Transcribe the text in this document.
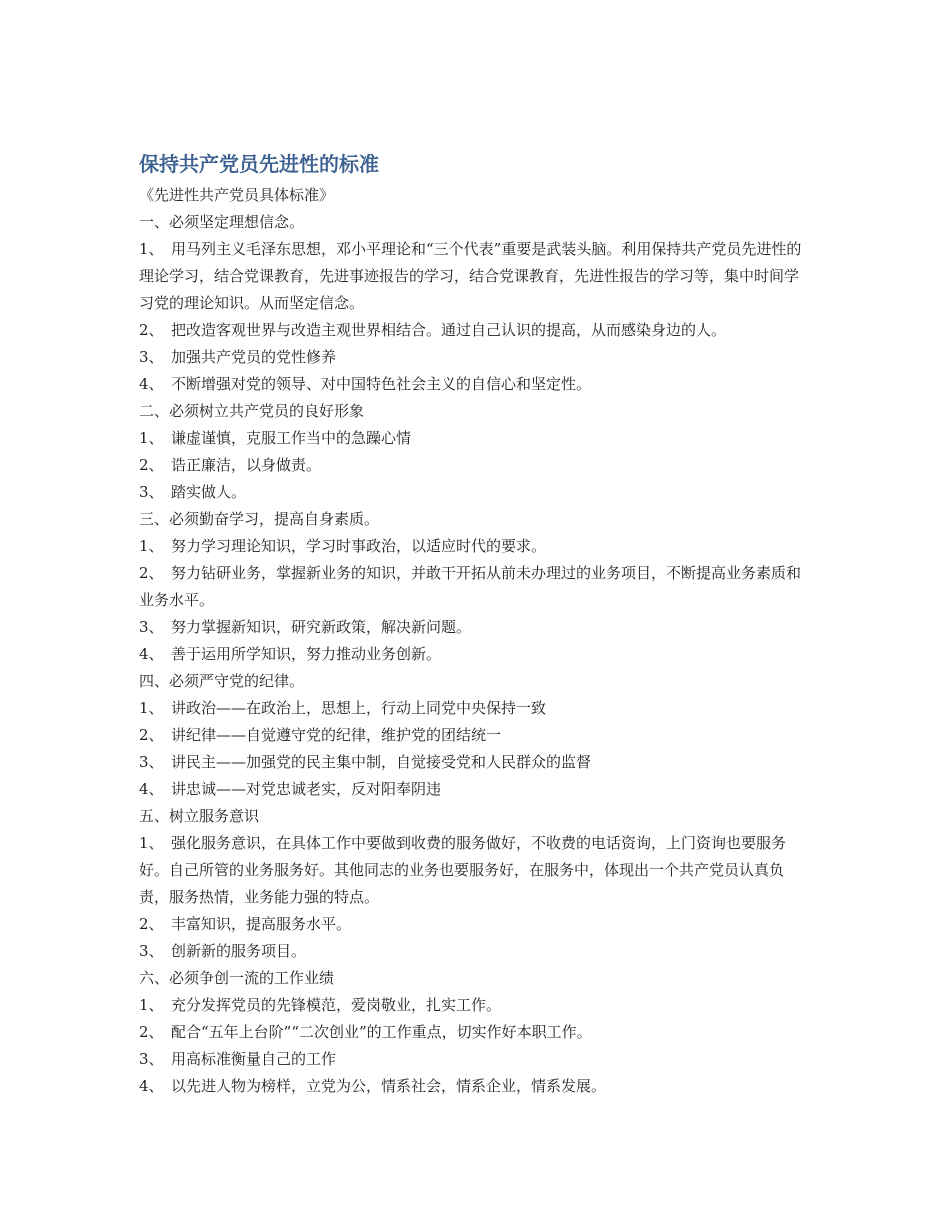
保持共产党员先进性的标准

《先进性共产党员具体标准》

一、必须坚定理想信念。

1、 用马列主义毛泽东思想，邓小平理论和“三个代表”重要是武装头脑。利用保持共产党员先进性的理论学习，结合党课教育，先进事迹报告的学习，结合党课教育，先进性报告的学习等，集中时间学习党的理论知识。从而坚定信念。

2、 把改造客观世界与改造主观世界相结合。通过自己认识的提高，从而感染身边的人。

3、 加强共产党员的党性修养

4、 不断增强对党的领导、对中国特色社会主义的自信心和坚定性。

二、必须树立共产党员的良好形象

1、 谦虚谨慎，克服工作当中的急躁心情

2、 诰正廉洁，以身做责。

3、 踏实做人。

三、必须勤奋学习，提高自身素质。

1、 努力学习理论知识，学习时事政治，以适应时代的要求。

2、 努力钻研业务，掌握新业务的知识，并敢干开拓从前未办理过的业务项目，不断提高业务素质和业务水平。

3、 努力掌握新知识，研究新政策，解决新问题。

4、 善于运用所学知识，努力推动业务创新。

四、必须严守党的纪律。

1、 讲政治——在政治上，思想上，行动上同党中央保持一致

2、 讲纪律——自觉遵守党的纪律，维护党的团结统一

3、 讲民主——加强党的民主集中制，自觉接受党和人民群众的监督

4、 讲忠诚——对党忠诚老实，反对阳奉阴违

五、树立服务意识

1、 强化服务意识，在具体工作中要做到收费的服务做好，不收费的电话资询，上门资询也要服务好。自己所管的业务服务好。其他同志的业务也要服务好，在服务中，体现出一个共产党员认真负责，服务热情，业务能力强的特点。

2、 丰富知识，提高服务水平。

3、 创新新的服务项目。

六、必须争创一流的工作业绩

1、 充分发挥党员的先锋模范，爱岗敬业，扎实工作。

2、 配合“五年上台阶”“二次创业”的工作重点，切实作好本职工作。

3、 用高标准衡量自己的工作

4、 以先进人物为榜样，立党为公，情系社会，情系企业，情系发展。
